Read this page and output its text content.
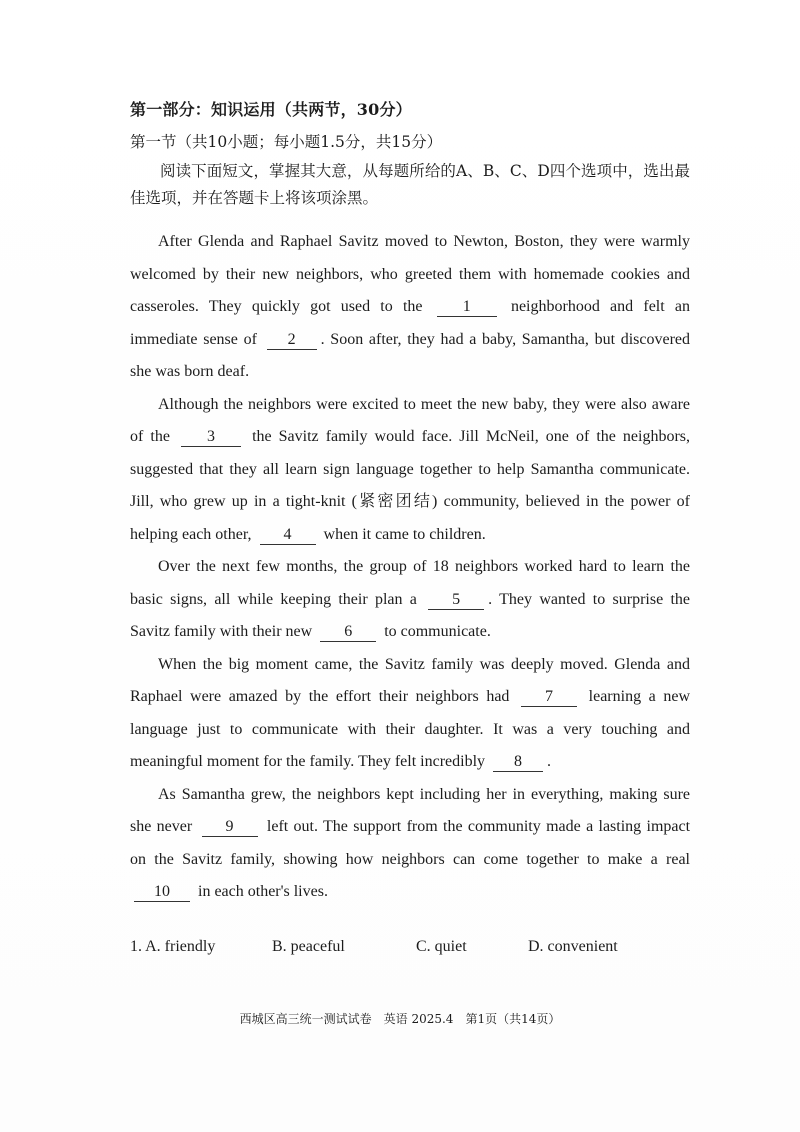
第一部分：知识运用（共两节，30分）
第一节（共10小题；每小题1.5分，共15分）
阅读下面短文，掌握其大意，从每题所给的A、B、C、D四个选项中，选出最佳选项，并在答题卡上将该项涂黑。

After Glenda and Raphael Savitz moved to Newton, Boston, they were warmly welcomed by their new neighbors, who greeted them with homemade cookies and casseroles. They quickly got used to the	1	neighborhood and felt an immediate sense of 2 . Soon after, they had a baby, Samantha, but discovered she was born deaf.

Although the neighbors were excited to meet the new baby, they were also aware of the 3 the Savitz family would face. Jill McNeil, one of the neighbors, suggested that they all learn sign language together to help Samantha communicate. Jill, who grew up in a tight-knit (紧密团结) community, believed in the power of helping each other, 4 when it came to children.

Over the next few months, the group of 18 neighbors worked hard to learn the basic signs, all while keeping their plan a 5 . They wanted to surprise the Savitz family with their new 6 to communicate.

When the big moment came, the Savitz family was deeply moved. Glenda and Raphael were amazed by the effort their neighbors had 7 learning a new language just to communicate with their daughter. It was a very touching and meaningful moment for the family. They felt incredibly 8 .

As Samantha grew, the neighbors kept including her in everything, making sure she never 9 left out. The support from the community made a lasting impact on the Savitz family, showing how neighbors can come together to make a real 10 in each other's lives.

1. A. friendly	B. peaceful	C. quiet	D. convenient
西城区高三统一测试试卷　英语 2025.4　第1页（共14页）
